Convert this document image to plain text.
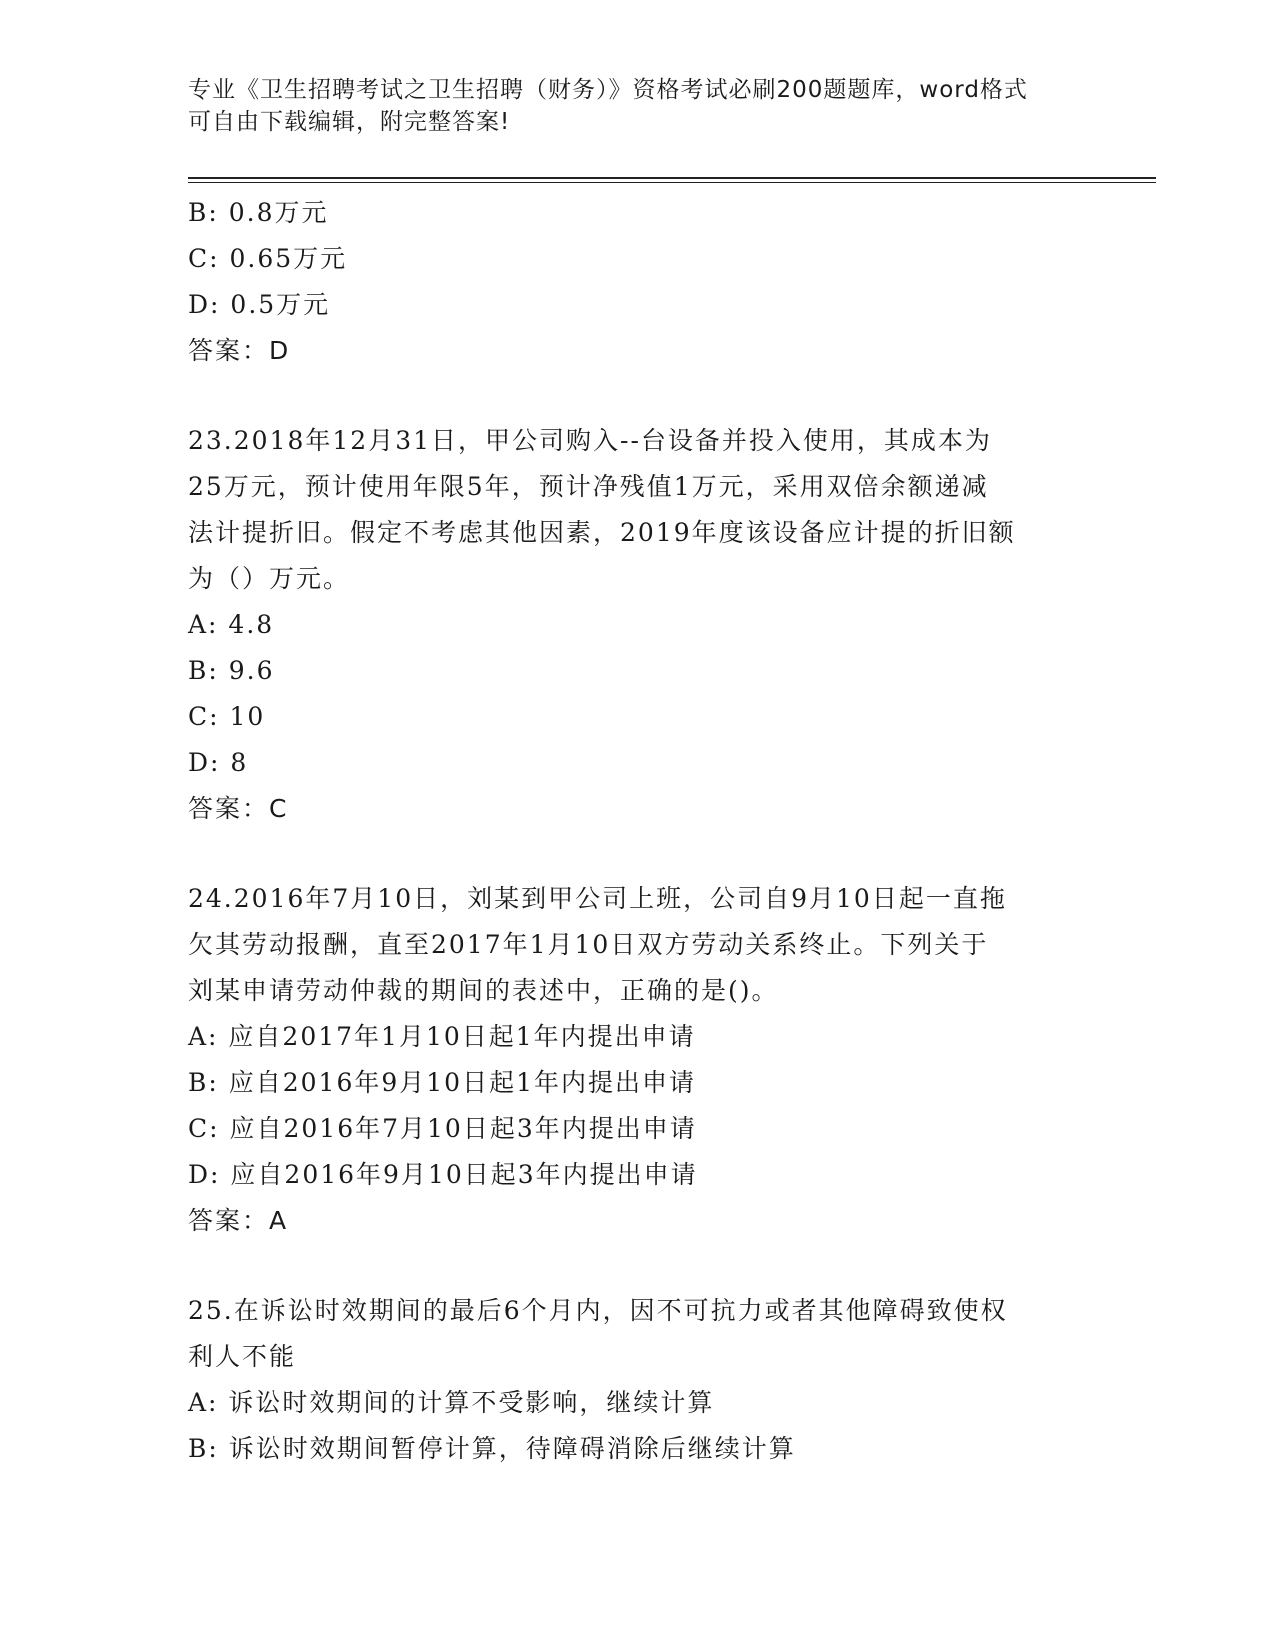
专业《卫生招聘考试之卫生招聘（财务）》资格考试必刷200题题库，word格式
可自由下载编辑，附完整答案!
B: 0.8万元
C: 0.65万元
D: 0.5万元
答案：D
23.2018年12月31日，甲公司购入--台设备并投入使用，其成本为
25万元，预计使用年限5年，预计净残值1万元，采用双倍余额递减
法计提折旧。假定不考虑其他因素，2019年度该设备应计提的折旧额
为（）万元。
A: 4.8
B: 9.6
C: 10
D: 8
答案：C
24.2016年7月10日，刘某到甲公司上班，公司自9月10日起一直拖
欠其劳动报酬，直至2017年1月10日双方劳动关系终止。下列关于
刘某申请劳动仲裁的期间的表述中，正确的是()。
A: 应自2017年1月10日起1年内提出申请
B: 应自2016年9月10日起1年内提出申请
C: 应自2016年7月10日起3年内提出申请
D: 应自2016年9月10日起3年内提出申请
答案：A
25.在诉讼时效期间的最后6个月内，因不可抗力或者其他障碍致使权
利人不能
A: 诉讼时效期间的计算不受影响，继续计算
B: 诉讼时效期间暂停计算，待障碍消除后继续计算
